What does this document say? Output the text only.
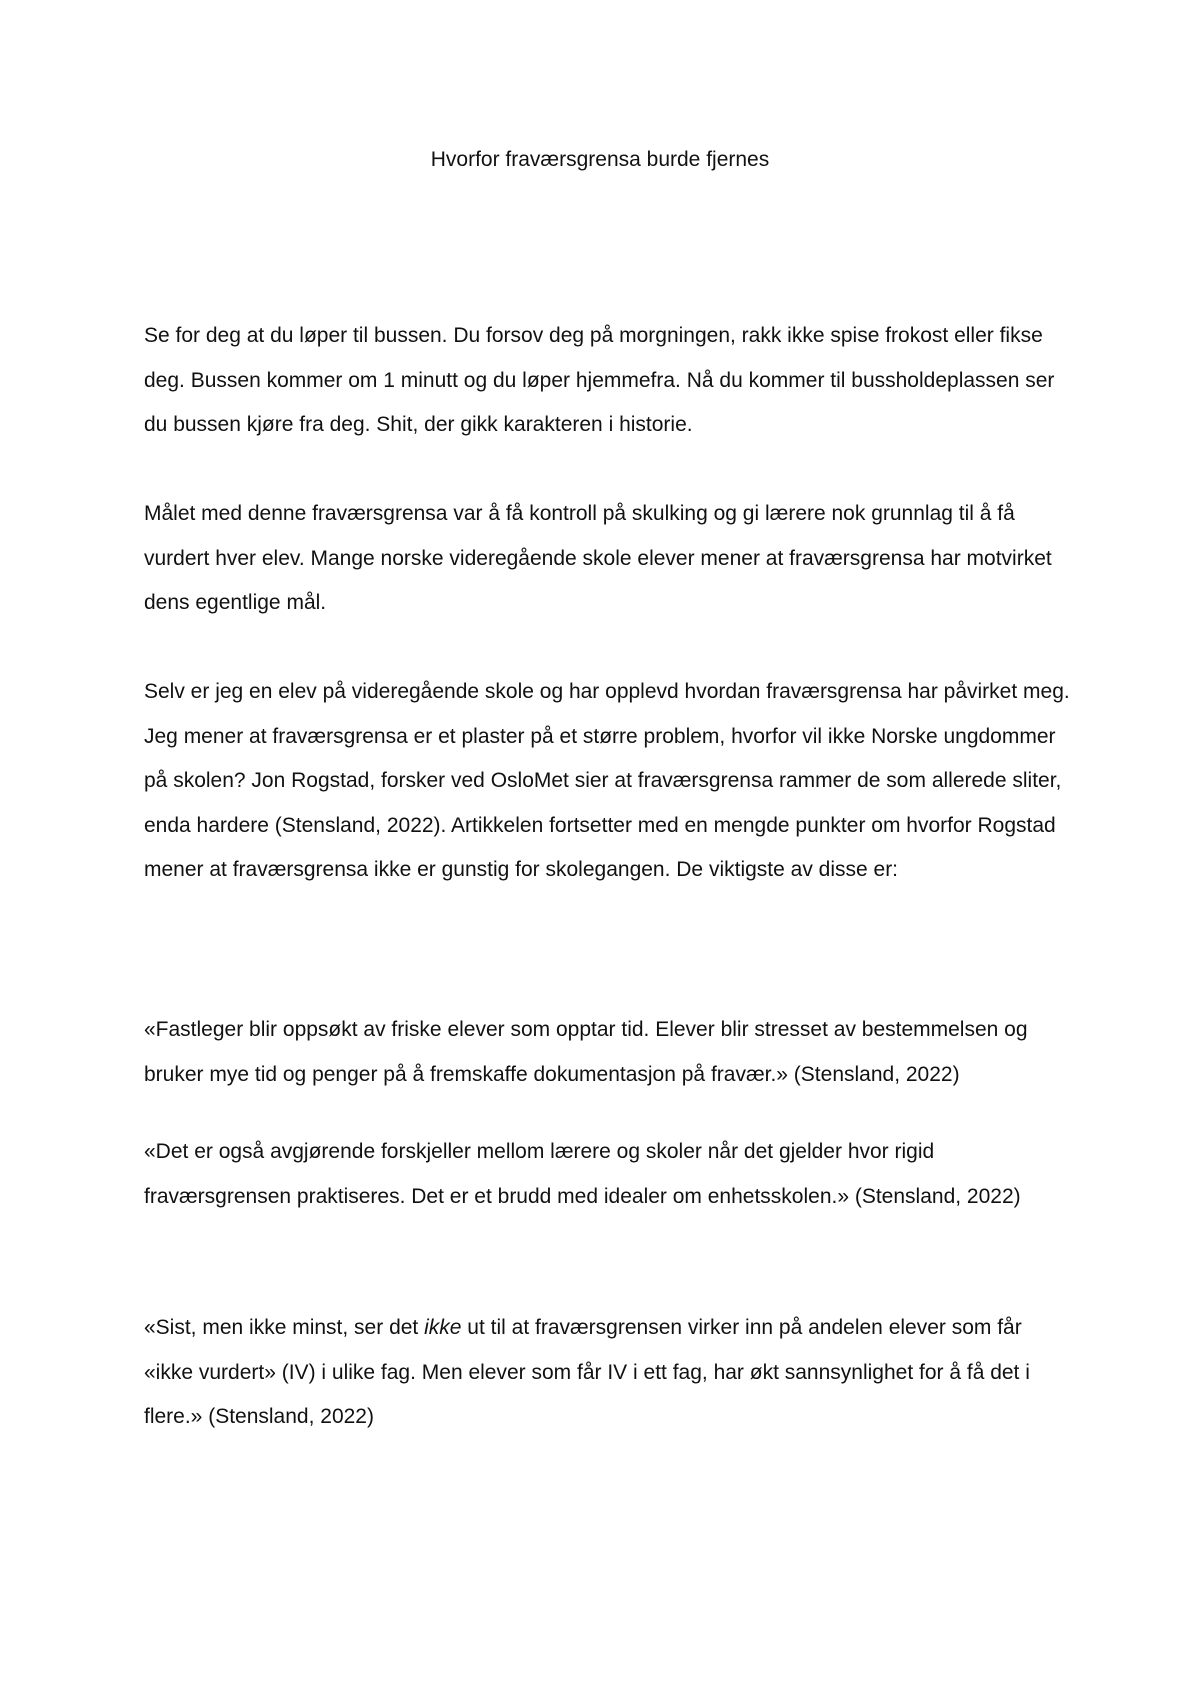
Hvorfor fraværsgrensa burde fjernes

Se for deg at du løper til bussen. Du forsov deg på morgningen, rakk ikke spise frokost eller fikse deg. Bussen kommer om 1 minutt og du løper hjemmefra. Nå du kommer til bussholdeplassen ser du bussen kjøre fra deg. Shit, der gikk karakteren i historie.

Målet med denne fraværsgrensa var å få kontroll på skulking og gi lærere nok grunnlag til å få vurdert hver elev. Mange norske videregående skole elever mener at fraværsgrensa har motvirket dens egentlige mål.

Selv er jeg en elev på videregående skole og har opplevd hvordan fraværsgrensa har påvirket meg. Jeg mener at fraværsgrensa er et plaster på et større problem, hvorfor vil ikke Norske ungdommer på skolen? Jon Rogstad, forsker ved OsloMet sier at fraværsgrensa rammer de som allerede sliter, enda hardere (Stensland, 2022). Artikkelen fortsetter med en mengde punkter om hvorfor Rogstad mener at fraværsgrensa ikke er gunstig for skolegangen. De viktigste av disse er:

«Fastleger blir oppsøkt av friske elever som opptar tid. Elever blir stresset av bestemmelsen og bruker mye tid og penger på å fremskaffe dokumentasjon på fravær.» (Stensland, 2022)

«Det er også avgjørende forskjeller mellom lærere og skoler når det gjelder hvor rigid fraværsgrensen praktiseres. Det er et brudd med idealer om enhetsskolen.» (Stensland, 2022)

«Sist, men ikke minst, ser det ikke ut til at fraværsgrensen virker inn på andelen elever som får «ikke vurdert» (IV) i ulike fag. Men elever som får IV i ett fag, har økt sannsynlighet for å få det i flere.» (Stensland, 2022)
